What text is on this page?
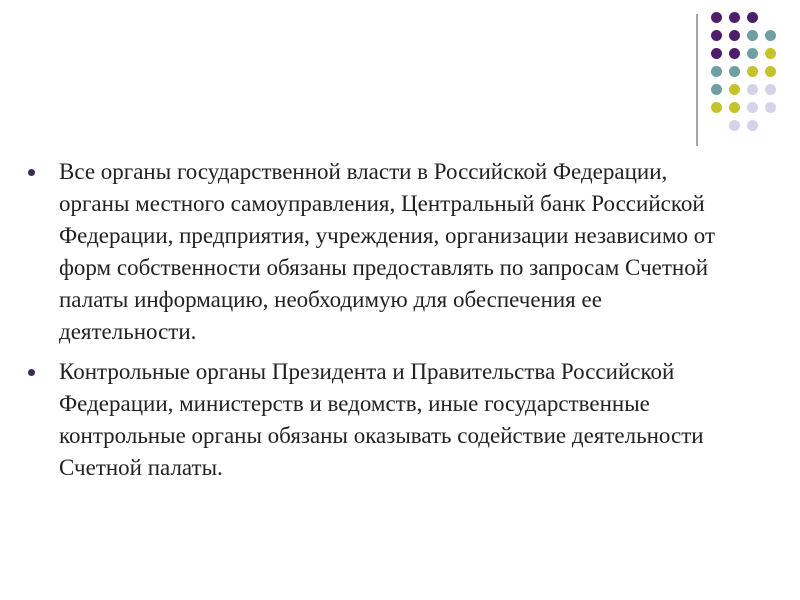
Все органы государственной власти в Российской Федерации, органы местного самоуправления, Центральный банк Российской Федерации, предприятия, учреждения, организации независимо от форм собственности обязаны предоставлять по запросам Счетной палаты информацию, необходимую для обеспечения ее деятельности.
Контрольные органы Президента и Правительства Российской Федерации, министерств и ведомств, иные государственные контрольные органы обязаны оказывать содействие деятельности Счетной палаты.
